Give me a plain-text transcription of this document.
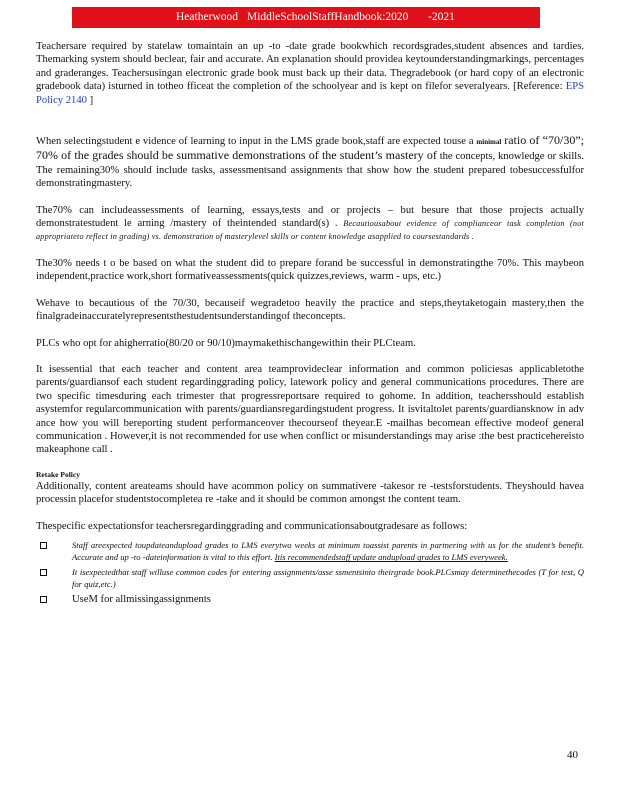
Heatherwood MiddleSchoolStaffHandbook:2020 -2021

Teachersare required by statelaw tomaintain an up -to -date grade bookwhich recordsgrades,student absences and tardies. Themarking system should beclear, fair and accurate. An explanation should providea keytounderstandingmarkings, percentages and graderanges. Teachersusingan electronic grade book must back up their data. Thegradebook (or hard copy of an electronic gradebook data) isturned in totheo fficeat the completion of the schoolyear and is kept on filefor severalyears. [Reference: EPS Policy 2140 ]

When selectingstudent e vidence of learning to input in the LMS grade book,staff are expected touse a minimal ratio of “70/30”; 70% of the grades should be summative demonstrations of the student’s mastery of the concepts, knowledge or skills. The remaining30% should include tasks, assessmentsand assignments that show how the student prepared tobesuccessfulfor demonstratingmastery.

The70% can includeassessments of learning, essays,tests and or projects – but besure that those projects actually demonstratestudent le arning /mastery of theintended standard(s) . Becautiousabout evidence of complianceor task completion (not appropriateto reflect in grading) vs. demonstration of masterylevel skills or content knowledge asapplied to coursestandards .

The30% needs t o be based on what the student did to prepare forand be successful in demonstratingthe 70%. This maybeon independent,practice work,short formativeassessments(quick quizzes,reviews, warm - ups, etc.)

Wehave to becautious of the 70/30, becauseif wegradetoo heavily the practice and steps,theytaketogain mastery,then the finalgradeinaccuratelyrepresentsthestudentsunderstandingof theconcepts.

PLCs who opt for ahigherratio(80/20 or 90/10)maymakethischangewithin their PLCteam.

It isessential that each teacher and content area teamprovideclear information and common policiesas applicabletothe parents/guardiansof each student regardinggrading policy, latework policy and general communications procedures. There are two specific timesduring each trimester that progressreportsare required to gohome. In addition, teachersshould establish asystemfor regularcommunication with parents/guardiansregardingstudent progress. It isvitaltolet parents/guardiansknow in adv ance how you will bereporting student performanceover thecourseof theyear.E -mailhas becomean effective modeof general communication . However,it is not recommended for use when conflict or misunderstandings may arise :the best practicehereisto makeaphone call .

Retake Policy

Additionally, content areateams should have acommon policy on summativere -takesor re -testsforstudents. Theyshould havea processin placefor studentstocompletea re -take and it should be common amongst the content team.

Thespecific expectationsfor teachersregardinggrading and communicationsaboutgradesare as follows:

Staff areexpected toupdateandupload grades to LMS everytwo weeks at minimum toassist parents in partnering with us for the student’s benefit. Accurate and up -to -dateinformation is vital to this effort. Itis recommendedstaff update andupload grades to LMS everyweek.
It isexpectedthat staff willuse common codes for entering assignments/asse ssmentsinto theirgrade book.PLCsmay determinethecodes (T for test, Q for quiz,etc.)
UseM for allmissingassignments
40
